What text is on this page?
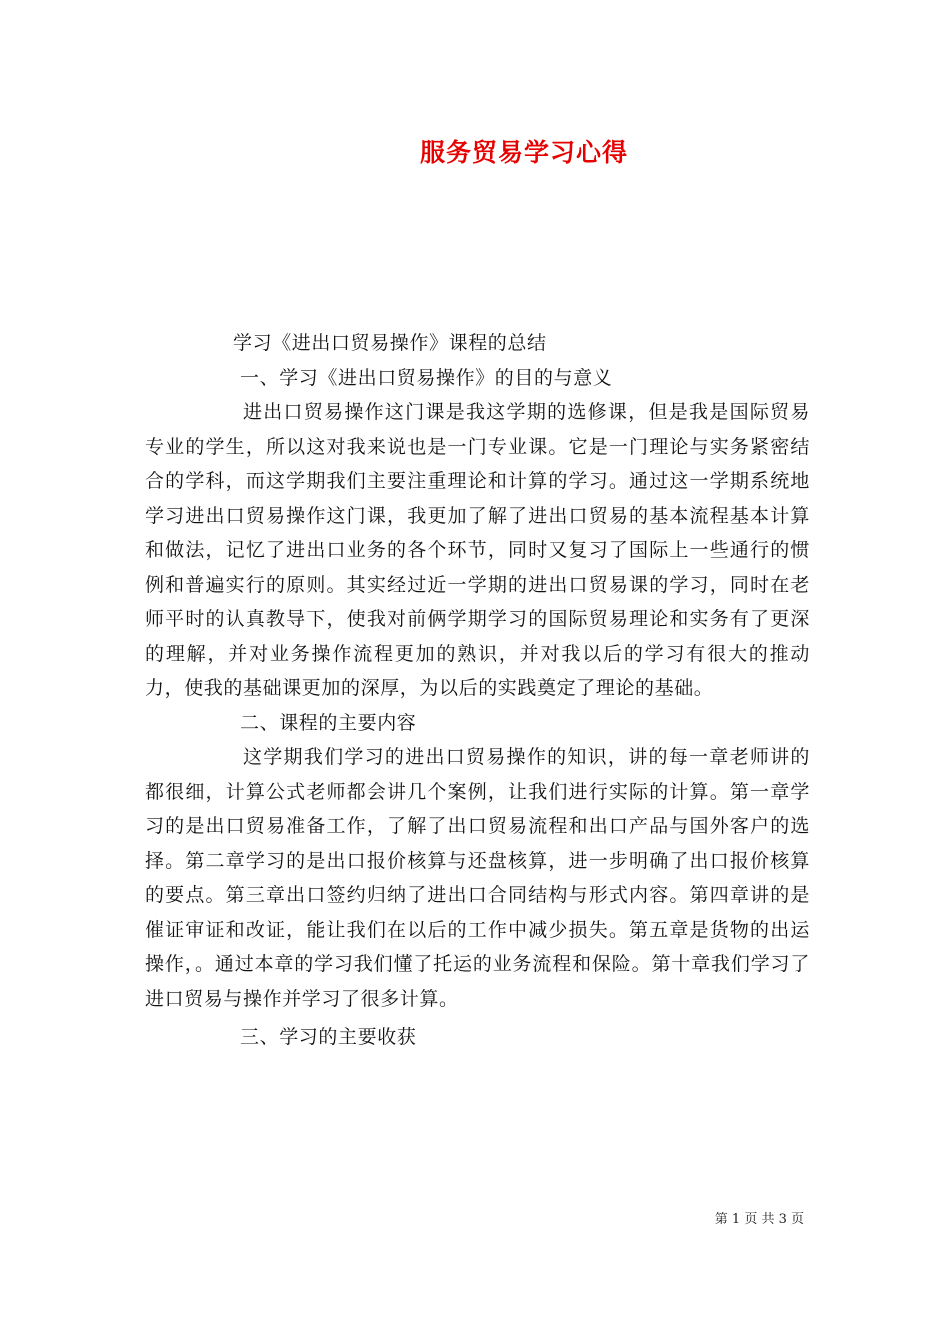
服务贸易学习心得

学习《进出口贸易操作》课程的总结

一、学习《进出口贸易操作》的目的与意义

进出口贸易操作这门课是我这学期的选修课，但是我是国际贸易专业的学生，所以这对我来说也是一门专业课。它是一门理论与实务紧密结合的学科，而这学期我们主要注重理论和计算的学习。通过这一学期系统地学习进出口贸易操作这门课，我更加了解了进出口贸易的基本流程基本计算和做法，记忆了进出口业务的各个环节，同时又复习了国际上一些通行的惯例和普遍实行的原则。其实经过近一学期的进出口贸易课的学习，同时在老师平时的认真教导下，使我对前俩学期学习的国际贸易理论和实务有了更深的理解，并对业务操作流程更加的熟识，并对我以后的学习有很大的推动力，使我的基础课更加的深厚，为以后的实践奠定了理论的基础。

二、课程的主要内容

这学期我们学习的进出口贸易操作的知识，讲的每一章老师讲的都很细，计算公式老师都会讲几个案例，让我们进行实际的计算。第一章学习的是出口贸易准备工作，了解了出口贸易流程和出口产品与国外客户的选择。第二章学习的是出口报价核算与还盘核算，进一步明确了出口报价核算的要点。第三章出口签约归纳了进出口合同结构与形式内容。第四章讲的是催证审证和改证，能让我们在以后的工作中减少损失。第五章是货物的出运操作，。通过本章的学习我们懂了托运的业务流程和保险。第十章我们学习了进口贸易与操作并学习了很多计算。

三、学习的主要收获

第 1 页 共 3 页
